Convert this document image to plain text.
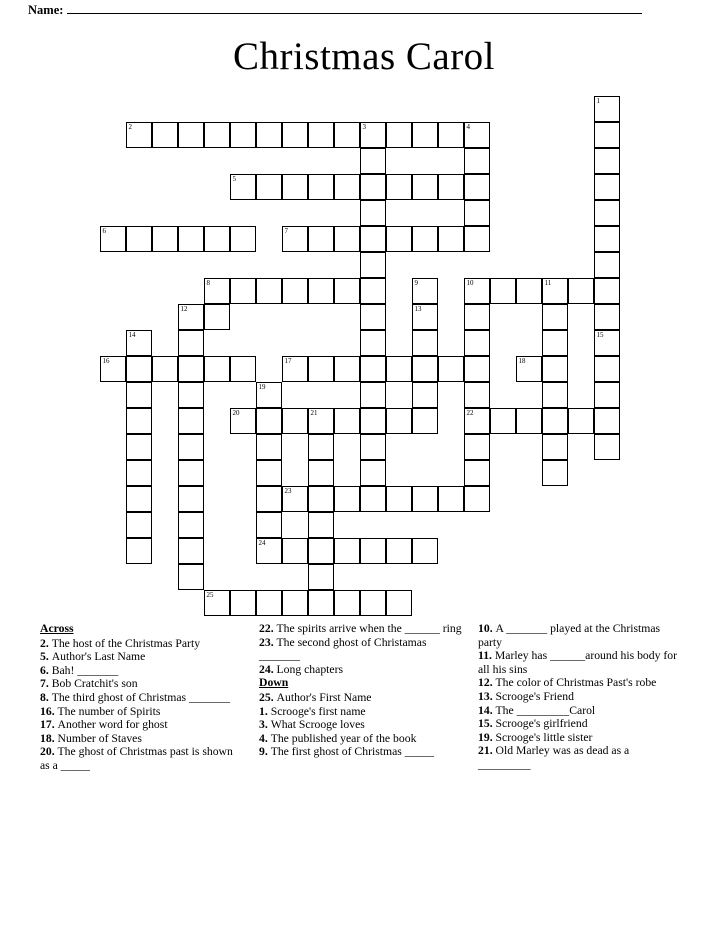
Name:
Christmas Carol
1
2	3	4
5
6	7
8	9	10	11
12	13
14	15
16	17	18
19
20	21	22
23
24
25
Across
2. The host of the Christmas Party
5. Author's Last Name
6. Bah! _______
7. Bob Cratchit's son
8. The third ghost of Christmas _______
16. The number of Spirits
17. Another word for ghost
18. Number of Staves
20. The ghost of Christmas past is shown as a _____
22. The spirits arrive when the ______ ring
23. The second ghost of Christamas _______
24. Long chapters
Down
25. Author's First Name
1. Scrooge's first name
3. What Scrooge loves
4. The published year of the book
9. The first ghost of Christmas _____
10. A _______ played at the Christmas party
11. Marley has ______around his body for all his sins
12. The color of Christmas Past's robe
13. Scrooge's Friend
14. The _________Carol
15. Scrooge's girlfriend
19. Scrooge's little sister
21. Old Marley was as dead as a _________
